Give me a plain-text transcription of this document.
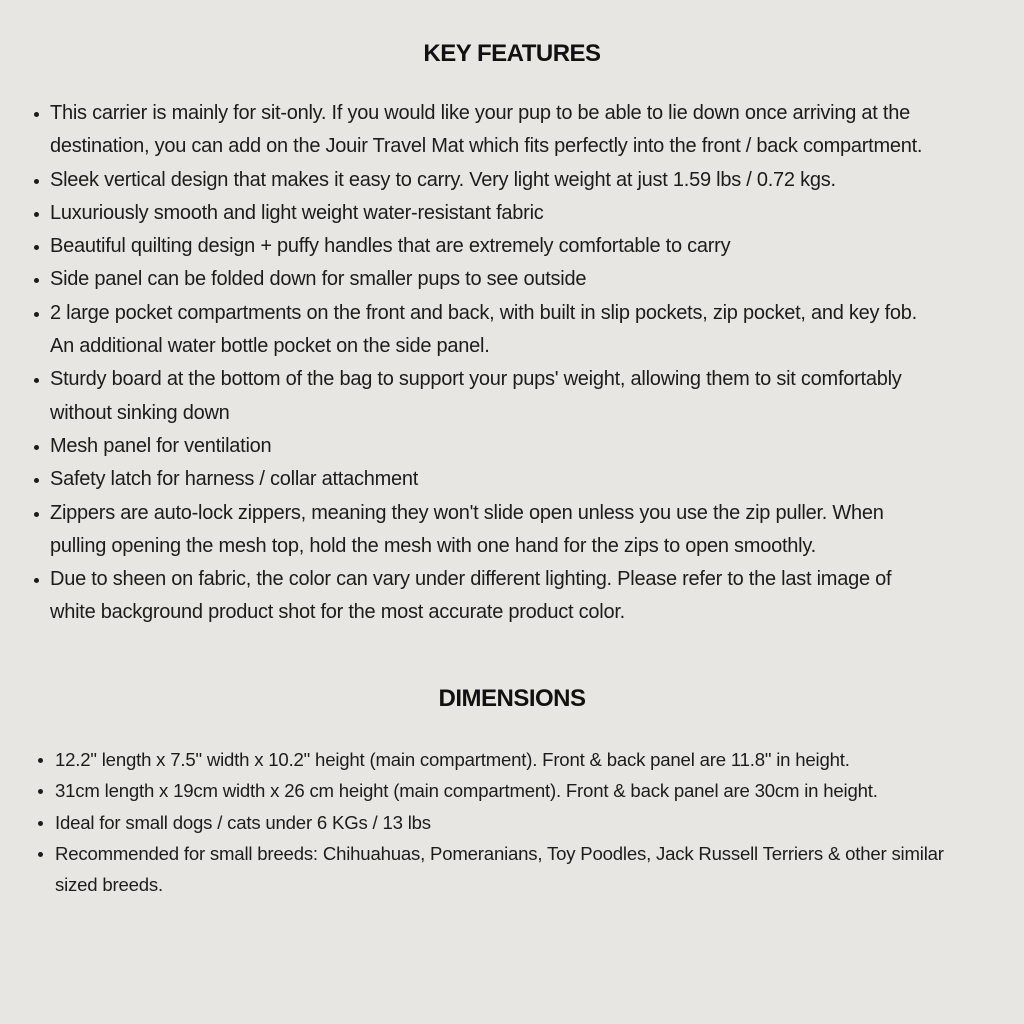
KEY FEATURES
This carrier is mainly for sit-only. If you would like your pup to be able to lie down once arriving at the
destination, you can add on the Jouir Travel Mat which fits perfectly into the front / back compartment.
Sleek vertical design that makes it easy to carry. Very light weight at just 1.59 lbs / 0.72 kgs.
Luxuriously smooth and light weight water-resistant fabric
Beautiful quilting design + puffy handles that are extremely comfortable to carry
Side panel can be folded down for smaller pups to see outside
2 large pocket compartments on the front and back, with built in slip pockets, zip pocket, and key fob.
An additional water bottle pocket on the side panel.
Sturdy board at the bottom of the bag to support your pups' weight, allowing them to sit comfortably
without sinking down
Mesh panel for ventilation
Safety latch for harness / collar attachment
Zippers are auto-lock zippers, meaning they won't slide open unless you use the zip puller. When
pulling opening the mesh top, hold the mesh with one hand for the zips to open smoothly.
Due to sheen on fabric, the color can vary under different lighting. Please refer to the last image of
white background product shot for the most accurate product color.
DIMENSIONS
12.2" length x 7.5" width x 10.2" height (main compartment). Front & back panel are 11.8" in height.
31cm length x 19cm width x 26 cm height (main compartment). Front & back panel are 30cm in height.
Ideal for small dogs / cats under 6 KGs / 13 lbs
Recommended for small breeds: Chihuahuas, Pomeranians, Toy Poodles, Jack Russell Terriers & other similar
sized breeds.
